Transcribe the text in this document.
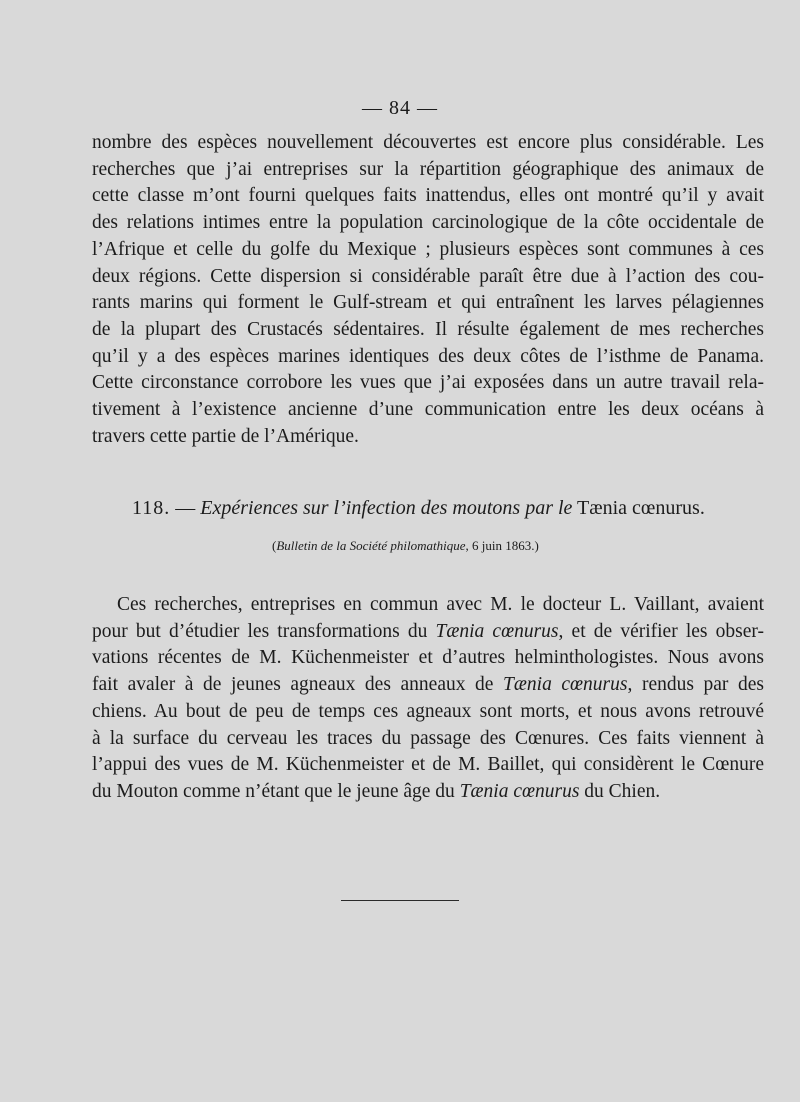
— 84 —
nombre des espèces nouvellement découvertes est encore plus considérable. Les
recherches que j’ai entreprises sur la répartition géographique des animaux de
cette classe m’ont fourni quelques faits inattendus, elles ont montré qu’il y avait
des relations intimes entre la population carcinologique de la côte occidentale de
l’Afrique et celle du golfe du Mexique ; plusieurs espèces sont communes à ces
deux régions. Cette dispersion si considérable paraît être due à l’action des cou-
rants marins qui forment le Gulf-stream et qui entraînent les larves pélagiennes
de la plupart des Crustacés sédentaires. Il résulte également de mes recherches
qu’il y a des espèces marines identiques des deux côtes de l’isthme de Panama.
Cette circonstance corrobore les vues que j’ai exposées dans un autre travail rela-
tivement à l’existence ancienne d’une communication entre les deux océans à
travers cette partie de l’Amérique.
118. — Expériences sur l’infection des moutons par le Tænia cœnurus.
(Bulletin de la Société philomathique, 6 juin 1863.)
Ces recherches, entreprises en commun avec M. le docteur L. Vaillant, avaient
pour but d’étudier les transformations du Tænia cœnurus, et de vérifier les obser-
vations récentes de M. Küchenmeister et d’autres helminthologistes. Nous avons
fait avaler à de jeunes agneaux des anneaux de Tænia cœnurus, rendus par des
chiens. Au bout de peu de temps ces agneaux sont morts, et nous avons retrouvé
à la surface du cerveau les traces du passage des Cœnures. Ces faits viennent à
l’appui des vues de M. Küchenmeister et de M. Baillet, qui considèrent le Cœnure
du Mouton comme n’étant que le jeune âge du Tænia cœnurus du Chien.
